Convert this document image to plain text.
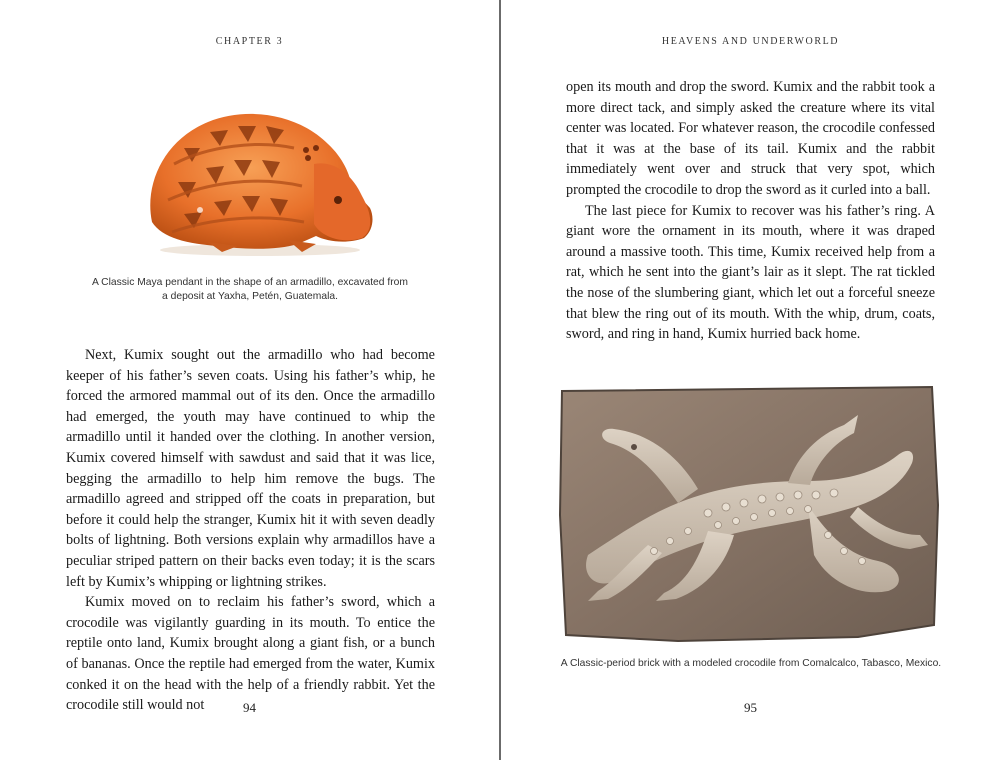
CHAPTER 3
A Classic Maya pendant in the shape of an armadillo, excavated from a deposit at Yaxha, Petén, Guatemala.

Next, Kumix sought out the armadillo who had become keeper of his father’s seven coats. Using his father’s whip, he forced the armored mammal out of its den. Once the armadillo had emerged, the youth may have continued to whip the armadillo until it handed over the clothing. In another version, Kumix covered himself with sawdust and said that it was lice, begging the armadillo to help him remove the bugs. The armadillo agreed and stripped off the coats in preparation, but before it could help the stranger, Kumix hit it with seven deadly bolts of lightning. Both versions explain why armadillos have a peculiar striped pattern on their backs even today; it is the scars left by Kumix’s whipping or lightning strikes.

Kumix moved on to reclaim his father’s sword, which a crocodile was vigilantly guarding in its mouth. To entice the reptile onto land, Kumix brought along a giant fish, or a bunch of bananas. Once the reptile had emerged from the water, Kumix conked it on the head with the help of a friendly rabbit. Yet the crocodile still would not	94
HEAVENS AND UNDERWORLD

open its mouth and drop the sword. Kumix and the rabbit took a more direct tack, and simply asked the creature where its vital center was located. For whatever reason, the crocodile confessed that it was at the base of its tail. Kumix and the rabbit immediately went over and struck that very spot, which prompted the crocodile to drop the sword as it curled into a ball.

The last piece for Kumix to recover was his father’s ring. A giant wore the ornament in its mouth, where it was draped around a massive tooth. This time, Kumix received help from a rat, which he sent into the giant’s lair as it slept. The rat tickled the nose of the slumbering giant, which let out a forceful sneeze that blew the ring out of its mouth. With the whip, drum, coats, sword, and ring in hand, Kumix hurried back home.

A Classic-period brick with a modeled crocodile from Comalcalco, Tabasco, Mexico.
95
